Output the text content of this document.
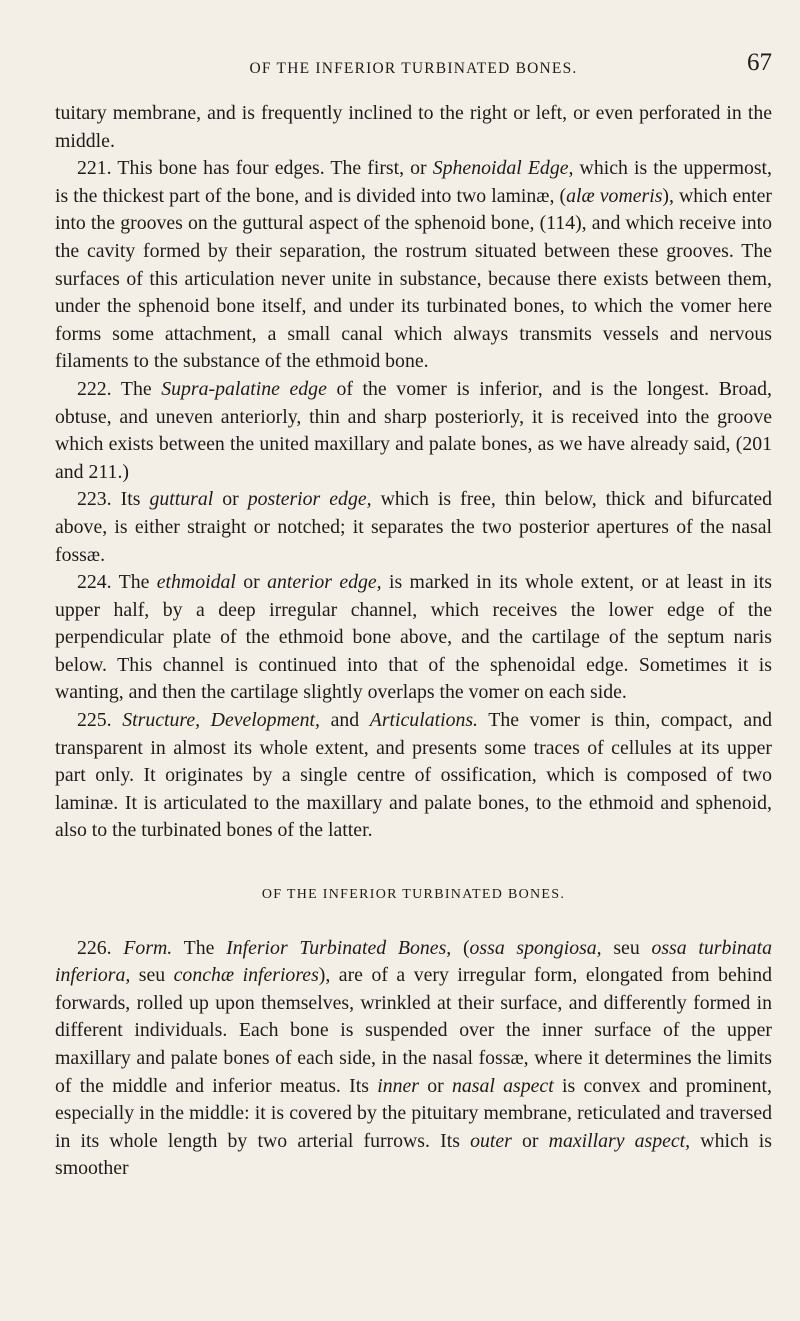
OF THE INFERIOR TURBINATED BONES.	67

tuitary membrane, and is frequently inclined to the right or left, or even perforated in the middle.

221. This bone has four edges. The first, or Sphenoidal Edge, which is the uppermost, is the thickest part of the bone, and is divided into two laminæ, (alæ vomeris), which enter into the grooves on the guttural aspect of the sphenoid bone, (114), and which receive into the cavity formed by their separation, the rostrum situated between these grooves. The surfaces of this articulation never unite in substance, because there exists between them, under the sphenoid bone itself, and under its turbinated bones, to which the vomer here forms some attachment, a small canal which always transmits vessels and nervous filaments to the substance of the ethmoid bone.

222. The Supra-palatine edge of the vomer is inferior, and is the longest. Broad, obtuse, and uneven anteriorly, thin and sharp posteriorly, it is received into the groove which exists between the united maxillary and palate bones, as we have already said, (201 and 211.)

223. Its guttural or posterior edge, which is free, thin below, thick and bifurcated above, is either straight or notched; it separates the two posterior apertures of the nasal fossæ.

224. The ethmoidal or anterior edge, is marked in its whole extent, or at least in its upper half, by a deep irregular channel, which receives the lower edge of the perpendicular plate of the ethmoid bone above, and the cartilage of the septum naris below. This channel is continued into that of the sphenoidal edge. Sometimes it is wanting, and then the cartilage slightly overlaps the vomer on each side.

225. Structure, Development, and Articulations. The vomer is thin, compact, and transparent in almost its whole extent, and presents some traces of cellules at its upper part only. It originates by a single centre of ossification, which is composed of two laminæ. It is articulated to the maxillary and palate bones, to the ethmoid and sphenoid, also to the turbinated bones of the latter.

OF THE INFERIOR TURBINATED BONES.

226. Form. The Inferior Turbinated Bones, (ossa spongiosa, seu ossa turbinata inferiora, seu conchæ inferiores), are of a very irregular form, elongated from behind forwards, rolled up upon themselves, wrinkled at their surface, and differently formed in different individuals. Each bone is suspended over the inner surface of the upper maxillary and palate bones of each side, in the nasal fossæ, where it determines the limits of the middle and inferior meatus. Its inner or nasal aspect is convex and prominent, especially in the middle: it is covered by the pituitary membrane, reticulated and traversed in its whole length by two arterial furrows. Its outer or maxillary aspect, which is smoother
